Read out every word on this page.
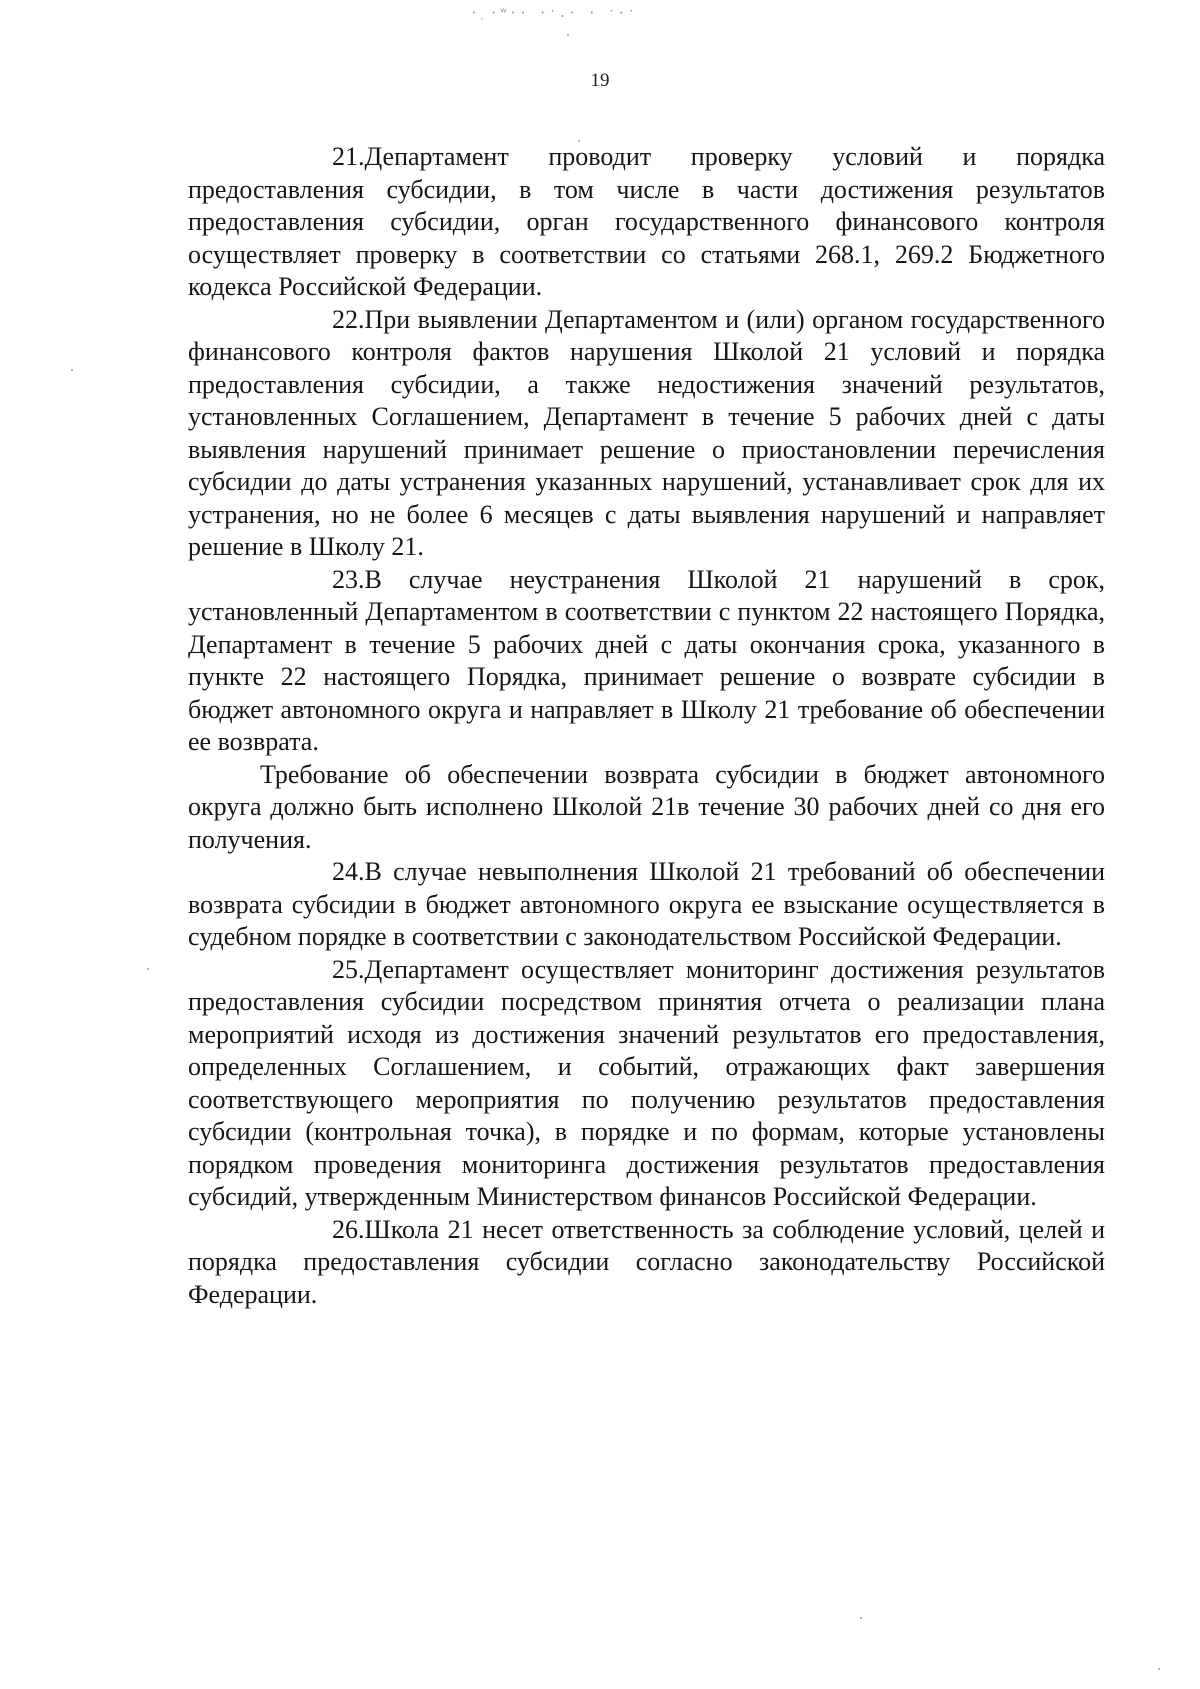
·̣ ·ʷ·· ·ˑ.· · ˑ·ˑ
19

21.Департамент проводит проверку условий и порядка предоставления субсидии, в том числе в части достижения результатов предоставления субсидии, орган государственного финансового контроля осуществляет проверку в соответствии со статьями 268.1, 269.2 Бюджетного кодекса Российской Федерации.

22.При выявлении Департаментом и (или) органом государственного финансового контроля фактов нарушения Школой 21 условий и порядка предоставления субсидии, а также недостижения значений результатов, установленных Соглашением, Департамент в течение 5 рабочих дней с даты выявления нарушений принимает решение о приостановлении перечисления субсидии до даты устранения указанных нарушений, устанавливает срок для их устранения, но не более 6 месяцев с даты выявления нарушений и направляет решение в Школу 21.

23.В случае неустранения Школой 21 нарушений в срок, установленный Департаментом в соответствии с пунктом 22 настоящего Порядка, Департамент в течение 5 рабочих дней с даты окончания срока, указанного в пункте 22 настоящего Порядка, принимает решение о возврате субсидии в бюджет автономного округа и направляет в Школу 21 требование об обеспечении ее возврата.

Требование об обеспечении возврата субсидии в бюджет автономного округа должно быть исполнено Школой 21в течение 30 рабочих дней со дня его получения.

24.В случае невыполнения Школой 21 требований об обеспечении возврата субсидии в бюджет автономного округа ее взыскание осуществляется в судебном порядке в соответствии с законодательством Российской Федерации.

25.Департамент осуществляет мониторинг достижения результатов предоставления субсидии посредством принятия отчета о реализации плана мероприятий исходя из достижения значений результатов его предоставления, определенных Соглашением, и событий, отражающих факт завершения соответствующего мероприятия по получению результатов предоставления субсидии (контрольная точка), в порядке и по формам, которые установлены порядком проведения мониторинга достижения результатов предоставления субсидий, утвержденным Министерством финансов Российской Федерации.

26.Школа 21 несет ответственность за соблюдение условий, целей и порядка предоставления субсидии согласно законодательству Российской Федерации.
